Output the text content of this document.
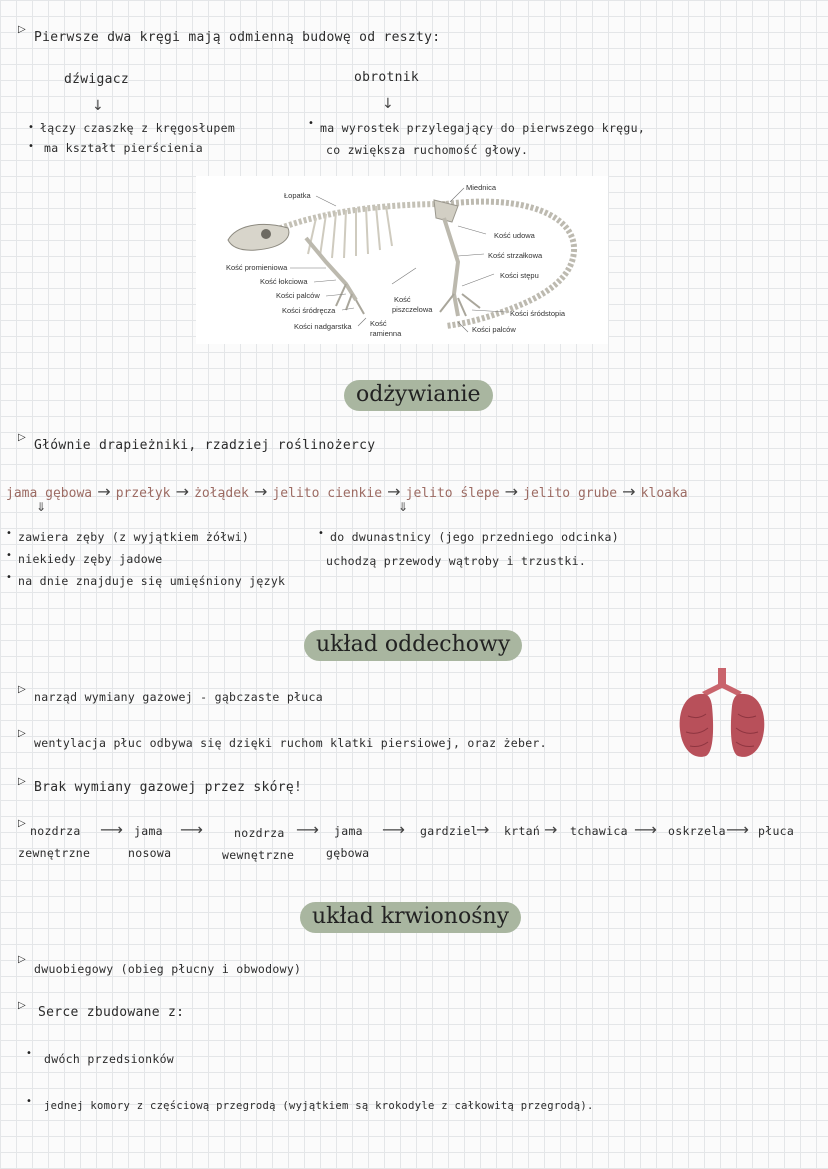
▷
Pierwsze dwa kręgi mają odmienną budowę od reszty:
dźwigacz
↓
• łączy czaszkę z kręgosłupem
• ma kształt pierścienia
obrotnik
↓
• ma wyrostek przylegający do pierwszego kręgu,
co zwiększa ruchomość głowy.
Łopatka
Miednica
Kość udowa
Kość strzałkowa
Kości stępu
Kość promieniowa
Kość łokciowa
Kości palców
Kości śródręcza
Kości nadgarstka
Kość
piszczelowa
Kość
ramienna
Kości śródstopia
Kości palców
odżywianie
▷
Głównie drapieżniki, rzadziej roślinożercy
jama gębowa → przełyk → żołądek → jelito cienkie → jelito ślepe → jelito grube → kloaka
⇓	⇓
• zawiera zęby (z wyjątkiem żółwi)
• niekiedy zęby jadowe
• na dnie znajduje się umięśniony język
• do dwunastnicy (jego przedniego odcinka)
uchodzą przewody wątroby i trzustki.
układ oddechowy
▷
narząd wymiany gazowej - gąbczaste płuca
▷
wentylacja płuc odbywa się dzięki ruchom klatki piersiowej, oraz żeber.
▷ Brak wymiany gazowej przez skórę!
▷
nozdrza
zewnętrzne
⟶ jama
nosowa
⟶	nozdrza
wewnętrzne
⟶ jama
gębowa
⟶ gardziel
→ krtań → tchawica ⟶ oskrzela ⟶ płuca
układ krwionośny
▷
dwuobiegowy (obieg płucny i obwodowy)
▷ Serce zbudowane z:
• dwóch przedsionków
• jednej komory z częściową przegrodą (wyjątkiem są krokodyle z całkowitą przegrodą).
